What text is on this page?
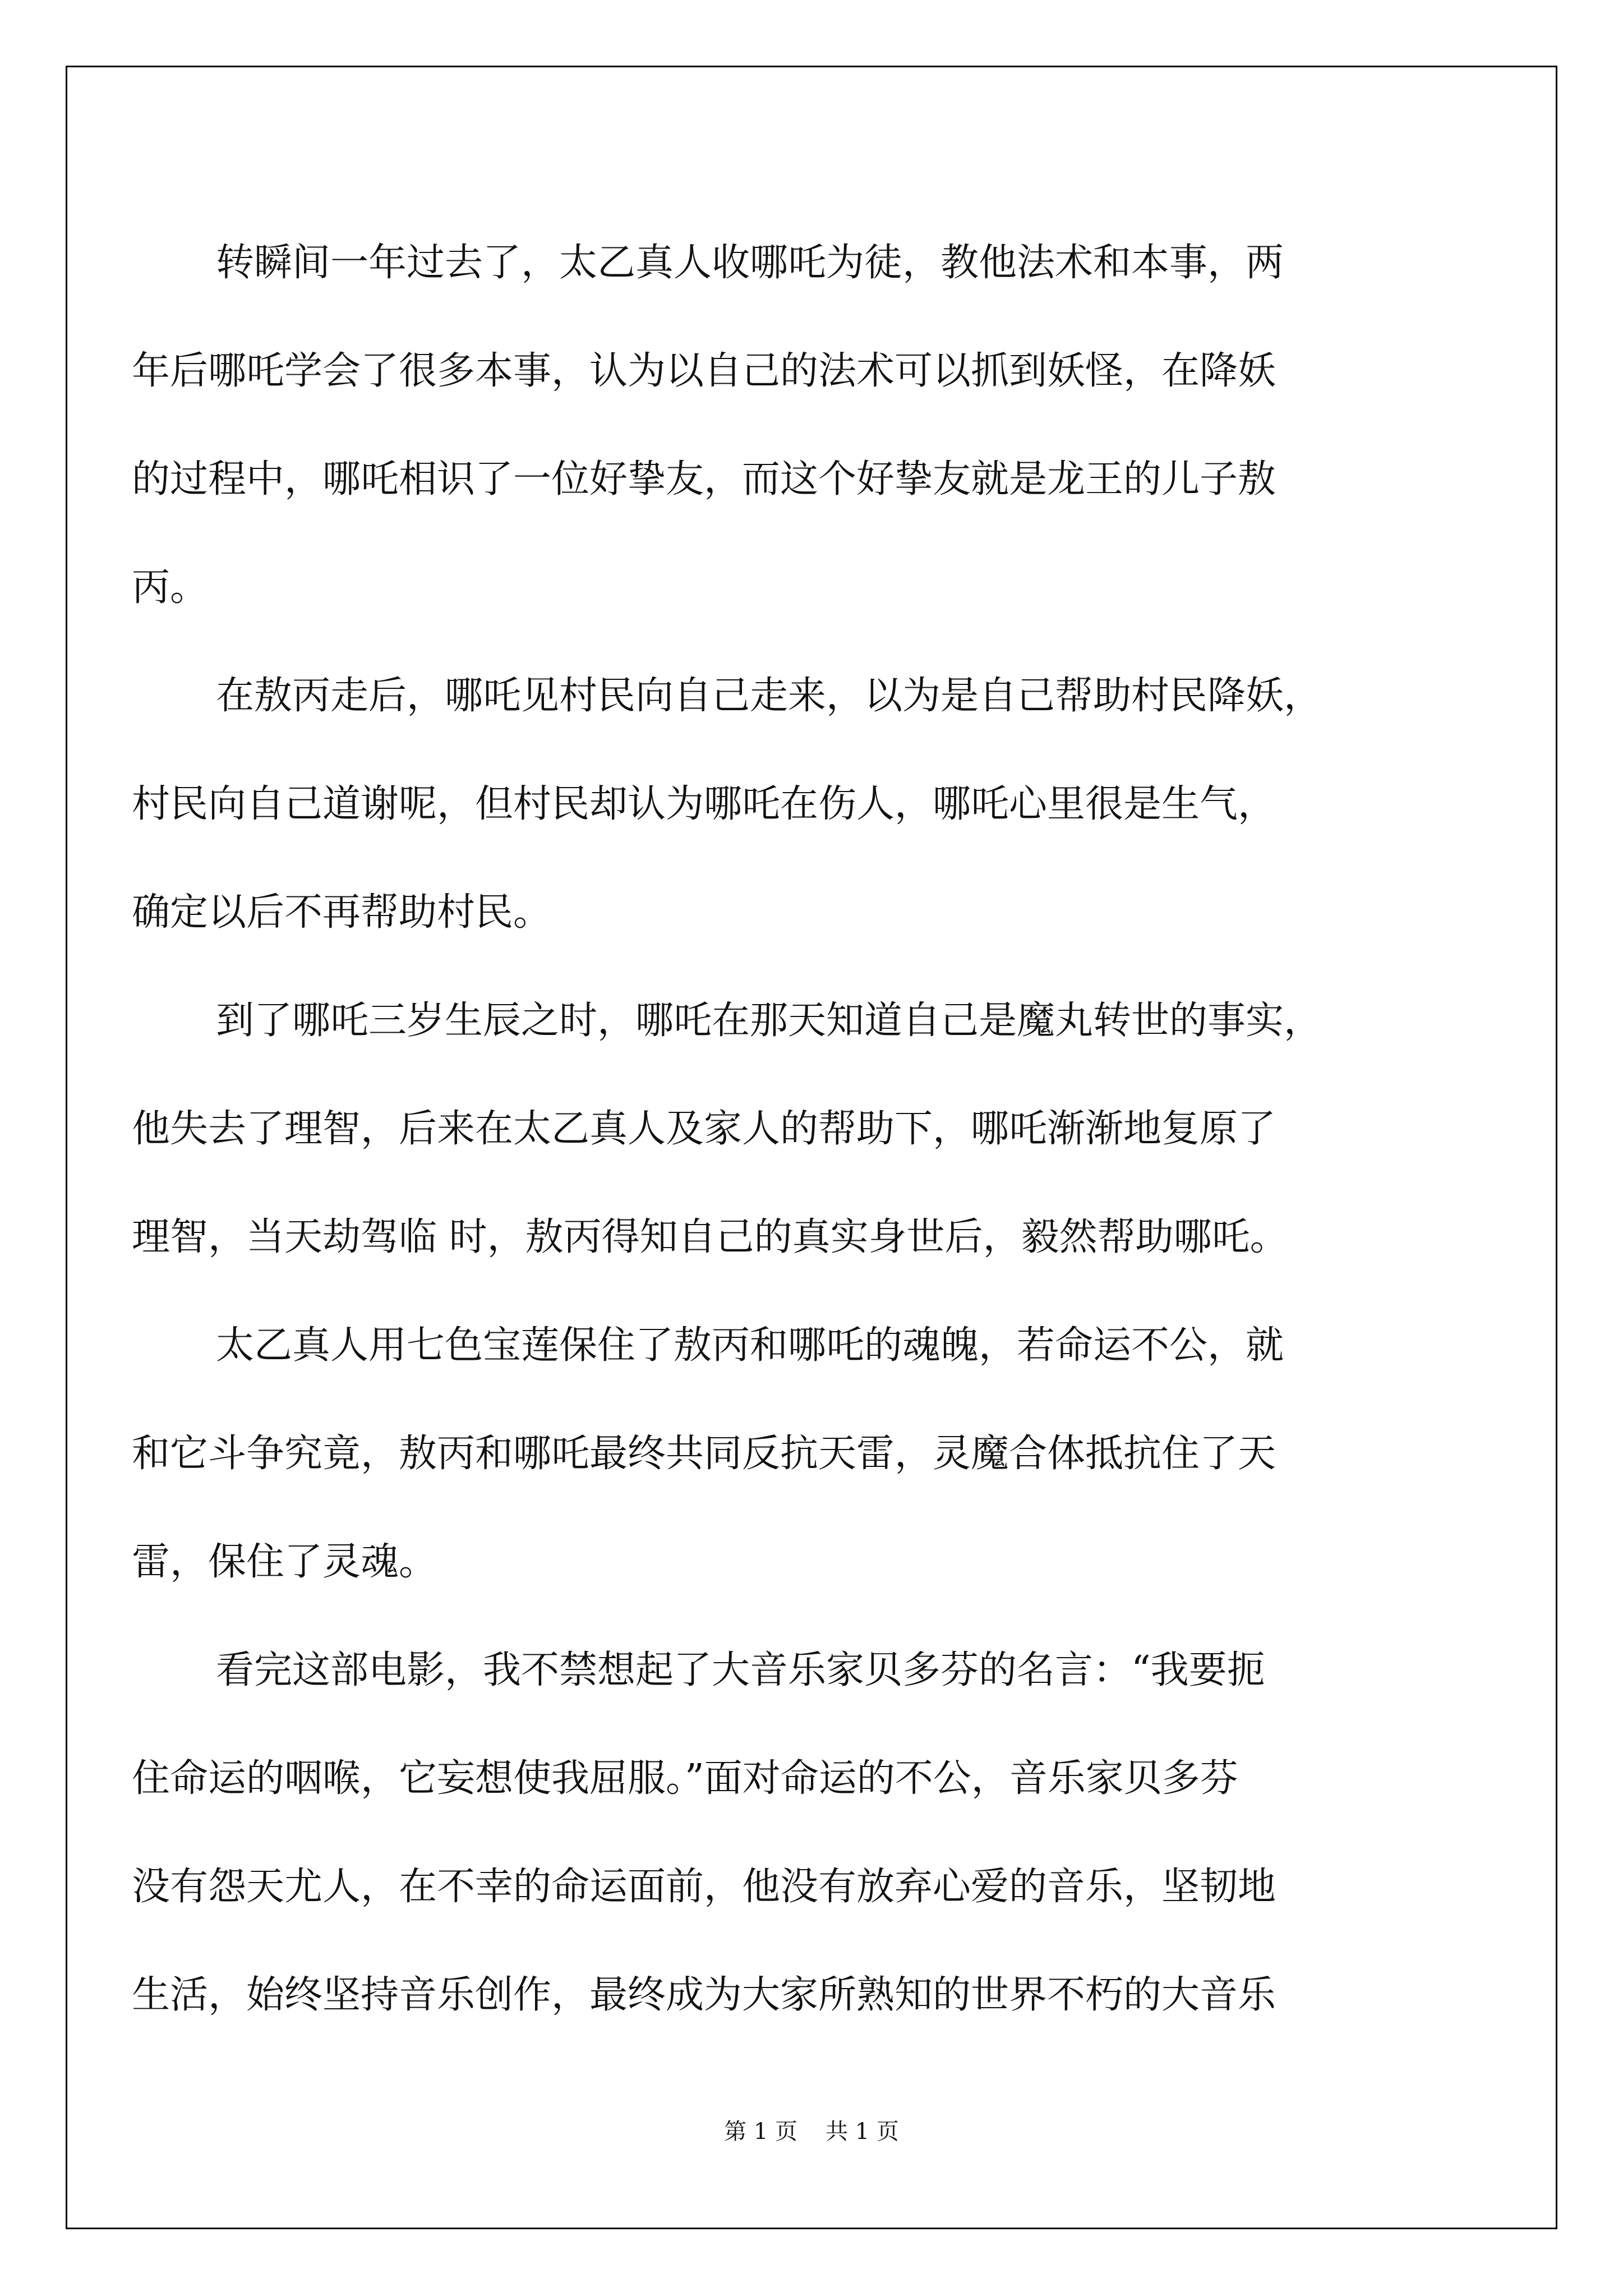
转瞬间一年过去了，太乙真人收哪吒为徒，教他法术和本事，两
年后哪吒学会了很多本事，认为以自己的法术可以抓到妖怪，在降妖
的过程中，哪吒相识了一位好挚友，而这个好挚友就是龙王的儿子敖
丙。
在敖丙走后，哪吒见村民向自己走来，以为是自己帮助村民降妖，
村民向自己道谢呢，但村民却认为哪吒在伤人，哪吒心里很是生气，
确定以后不再帮助村民。
到了哪吒三岁生辰之时，哪吒在那天知道自己是魔丸转世的事实，
他失去了理智，后来在太乙真人及家人的帮助下，哪吒渐渐地复原了
理智，当天劫驾临 时，敖丙得知自己的真实身世后，毅然帮助哪吒。
太乙真人用七色宝莲保住了敖丙和哪吒的魂魄，若命运不公，就
和它斗争究竟，敖丙和哪吒最终共同反抗天雷，灵魔合体抵抗住了天
雷，保住了灵魂。
看完这部电影，我不禁想起了大音乐家贝多芬的名言：“我要扼
住命运的咽喉，它妄想使我屈服。”面对命运的不公，音乐家贝多芬
没有怨天尤人，在不幸的命运面前，他没有放弃心爱的音乐，坚韧地
生活，始终坚持音乐创作，最终成为大家所熟知的世界不朽的大音乐
第 1 页 共 1 页
